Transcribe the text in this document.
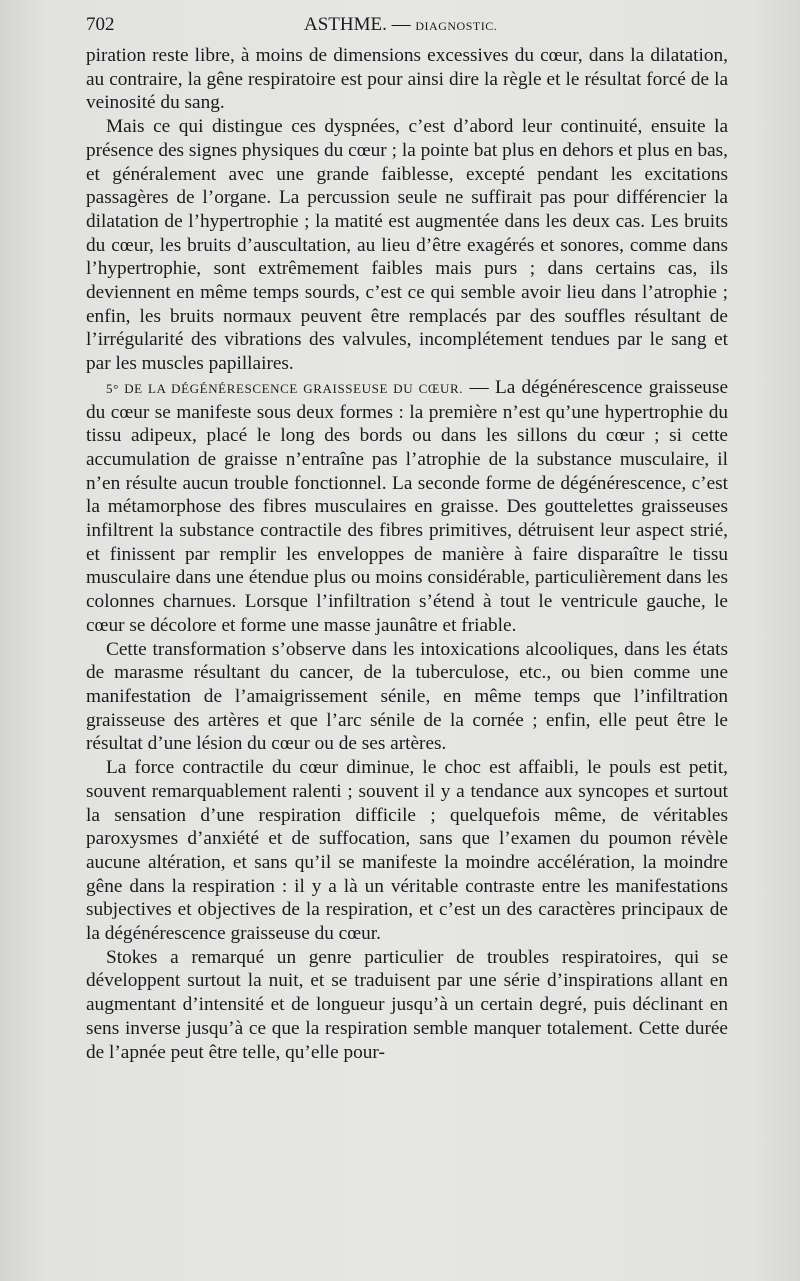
702	ASTHME. — DIAGNOSTIC.

piration reste libre, à moins de dimensions excessives du cœur, dans la dilatation, au contraire, la gêne respiratoire est pour ainsi dire la règle et le résultat forcé de la veinosité du sang.

Mais ce qui distingue ces dyspnées, c’est d’abord leur continuité, ensuite la présence des signes physiques du cœur ; la pointe bat plus en dehors et plus en bas, et généralement avec une grande faiblesse, excepté pendant les excitations passagères de l’organe. La percussion seule ne suffirait pas pour différencier la dilatation de l’hypertrophie ; la matité est augmentée dans les deux cas. Les bruits du cœur, les bruits d’auscultation, au lieu d’être exagérés et sonores, comme dans l’hypertrophie, sont extrêmement faibles mais purs ; dans certains cas, ils deviennent en même temps sourds, c’est ce qui semble avoir lieu dans l’atrophie ; enfin, les bruits normaux peuvent être remplacés par des souffles résultant de l’irrégularité des vibrations des valvules, incomplétement tendues par le sang et par les muscles papillaires.

5° DE LA DÉGÉNÉRESCENCE GRAISSEUSE DU CŒUR. — La dégénérescence graisseuse du cœur se manifeste sous deux formes : la première n’est qu’une hypertrophie du tissu adipeux, placé le long des bords ou dans les sillons du cœur ; si cette accumulation de graisse n’entraîne pas l’atrophie de la substance musculaire, il n’en résulte aucun trouble fonctionnel. La seconde forme de dégénérescence, c’est la métamorphose des fibres musculaires en graisse. Des gouttelettes graisseuses infiltrent la substance contractile des fibres primitives, détruisent leur aspect strié, et finissent par remplir les enveloppes de manière à faire disparaître le tissu musculaire dans une étendue plus ou moins considérable, particulièrement dans les colonnes charnues. Lorsque l’infiltration s’étend à tout le ventricule gauche, le cœur se décolore et forme une masse jaunâtre et friable.

Cette transformation s’observe dans les intoxications alcooliques, dans les états de marasme résultant du cancer, de la tuberculose, etc., ou bien comme une manifestation de l’amaigrissement sénile, en même temps que l’infiltration graisseuse des artères et que l’arc sénile de la cornée ; enfin, elle peut être le résultat d’une lésion du cœur ou de ses artères.

La force contractile du cœur diminue, le choc est affaibli, le pouls est petit, souvent remarquablement ralenti ; souvent il y a tendance aux syncopes et surtout la sensation d’une respiration difficile ; quelquefois même, de véritables paroxysmes d’anxiété et de suffocation, sans que l’examen du poumon révèle aucune altération, et sans qu’il se manifeste la moindre accélération, la moindre gêne dans la respiration : il y a là un véritable contraste entre les manifestations subjectives et objectives de la respiration, et c’est un des caractères principaux de la dégénérescence graisseuse du cœur.

Stokes a remarqué un genre particulier de troubles respiratoires, qui se développent surtout la nuit, et se traduisent par une série d’inspirations allant en augmentant d’intensité et de longueur jusqu’à un certain degré, puis déclinant en sens inverse jusqu’à ce que la respiration semble manquer totalement. Cette durée de l’apnée peut être telle, qu’elle pour-
